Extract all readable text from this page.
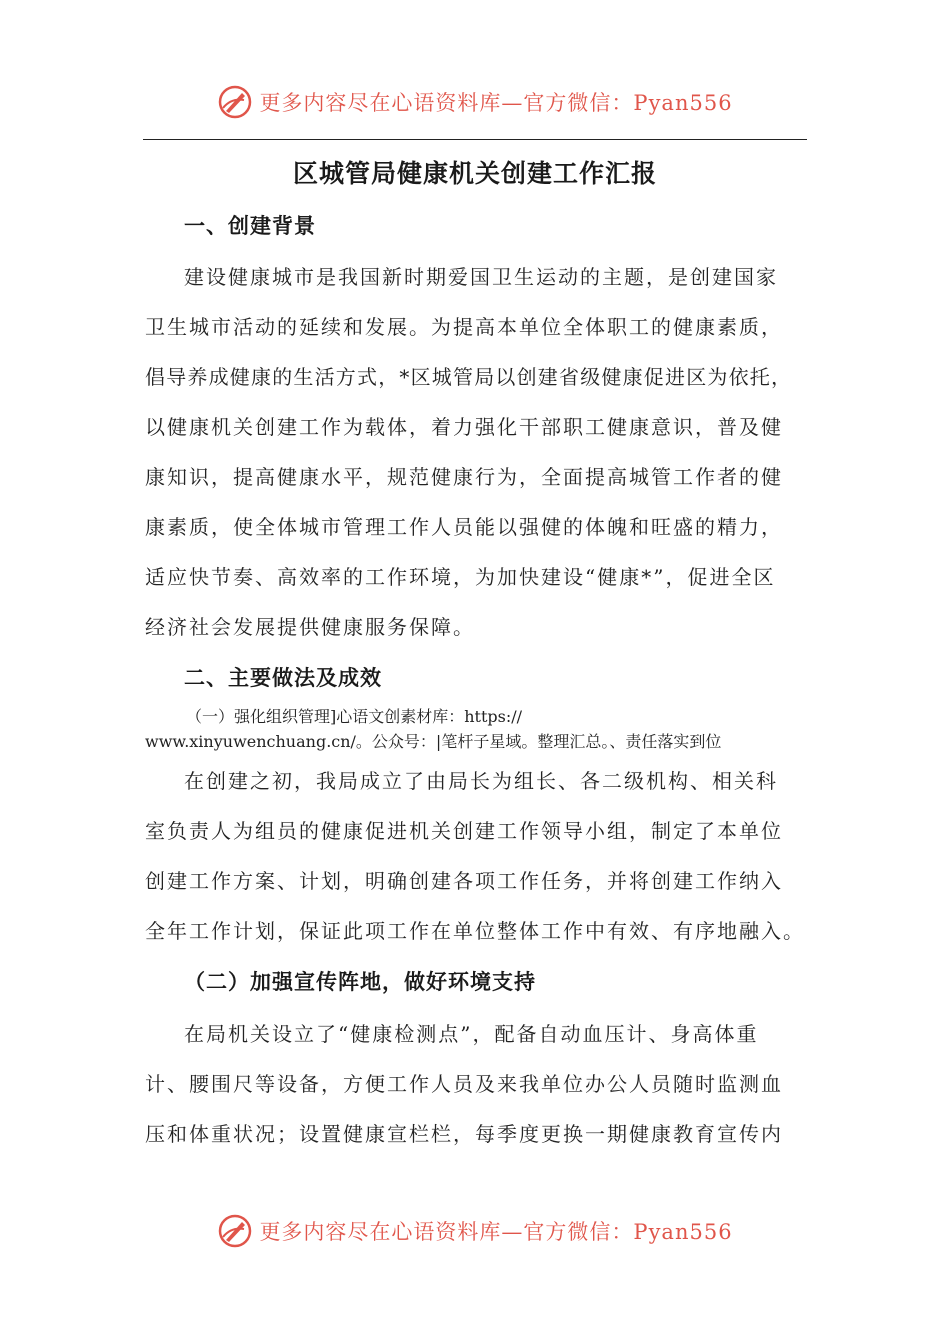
更多内容尽在心语资料库—官方微信：Pyan556
区城管局健康机关创建工作汇报
一、创建背景
建设健康城市是我国新时期爱国卫生运动的主题，是创建国家
卫生城市活动的延续和发展。为提高本单位全体职工的健康素质，
倡导养成健康的生活方式，*区城管局以创建省级健康促进区为依托，
以健康机关创建工作为载体，着力强化干部职工健康意识，普及健
康知识，提高健康水平，规范健康行为，全面提高城管工作者的健
康素质，使全体城市管理工作人员能以强健的体魄和旺盛的精力，
适应快节奏、高效率的工作环境，为加快建设“健康*”，促进全区
经济社会发展提供健康服务保障。
二、主要做法及成效
（一）强化组织管理]心语文创素材库：https://
www.xinyuwenchuang.cn/。公众号：|笔杆子星域。整理汇总。、责任落实到位
在创建之初，我局成立了由局长为组长、各二级机构、相关科
室负责人为组员的健康促进机关创建工作领导小组，制定了本单位
创建工作方案、计划，明确创建各项工作任务，并将创建工作纳入
全年工作计划，保证此项工作在单位整体工作中有效、有序地融入。
（二）加强宣传阵地，做好环境支持
在局机关设立了“健康检测点”，配备自动血压计、身高体重
计、腰围尺等设备，方便工作人员及来我单位办公人员随时监测血
压和体重状况；设置健康宣栏栏，每季度更换一期健康教育宣传内
更多内容尽在心语资料库—官方微信：Pyan556
